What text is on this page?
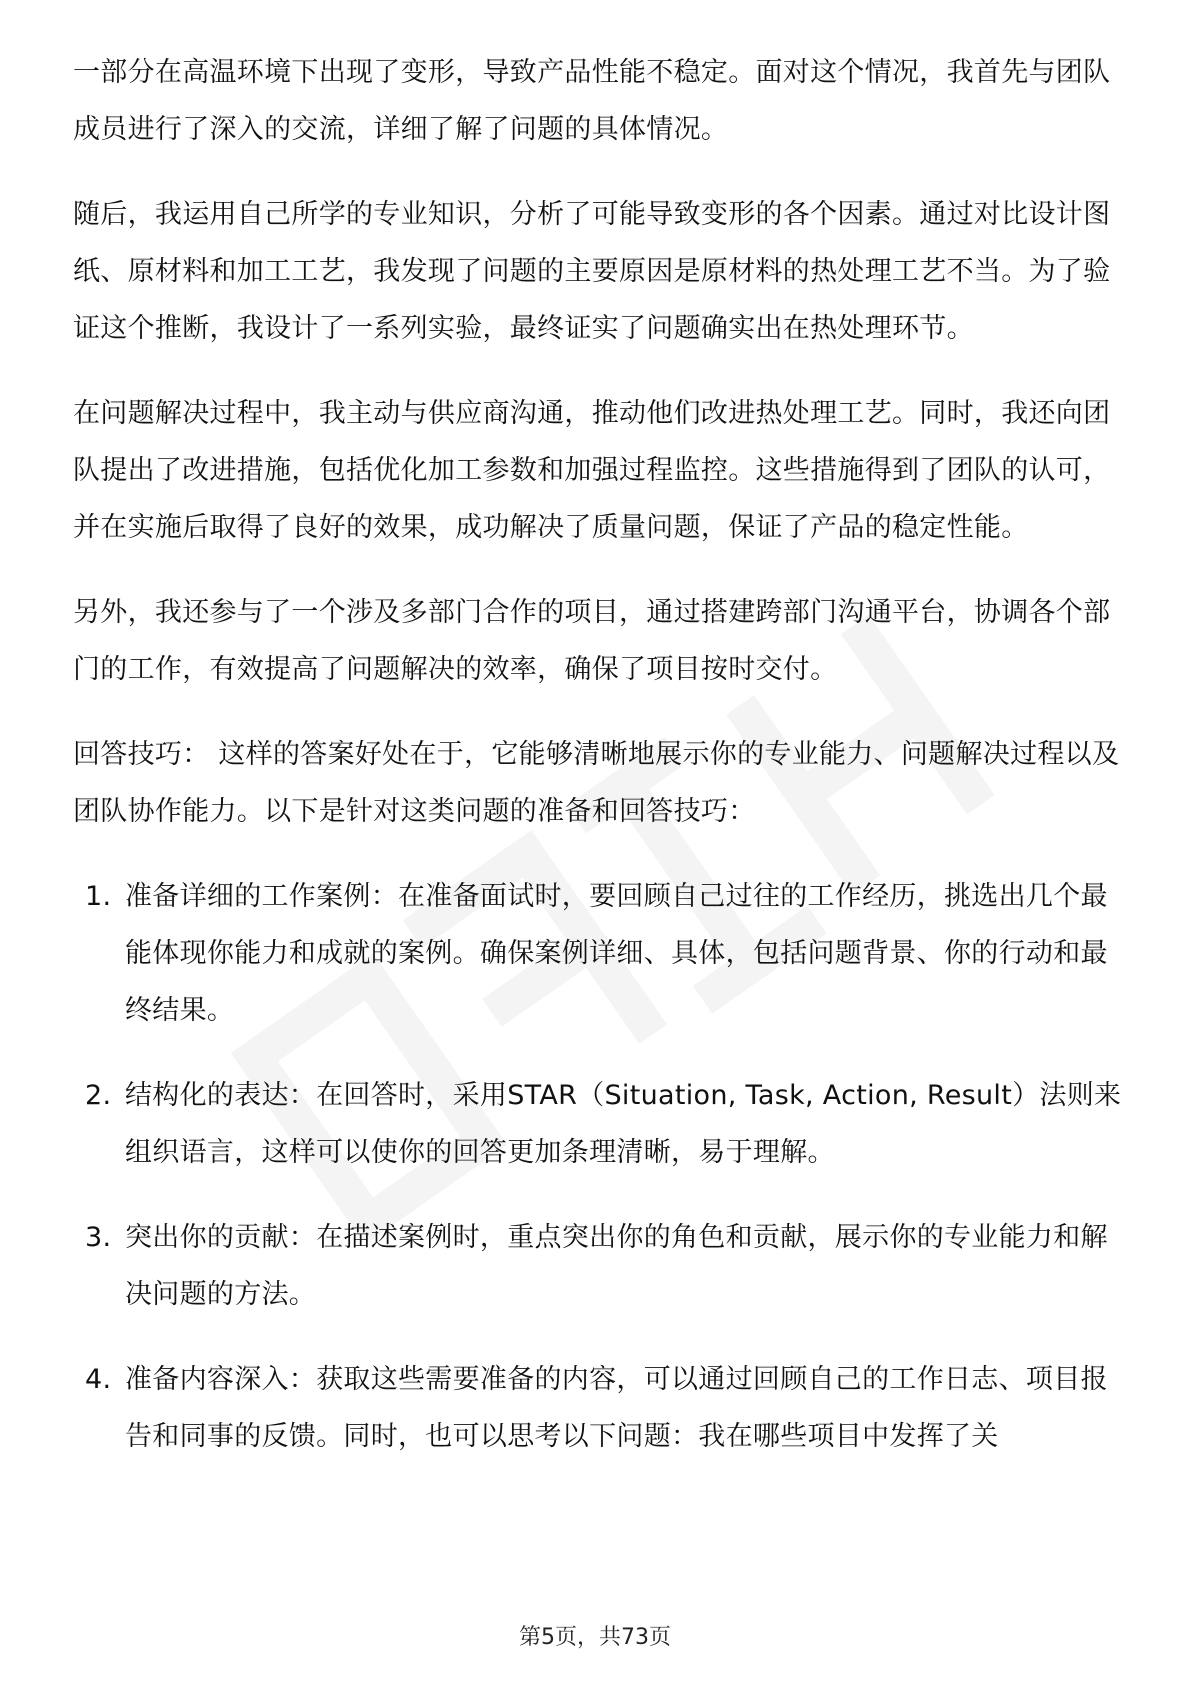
一部分在高温环境下出现了变形，导致产品性能不稳定。面对这个情况，我首先与团队成员进行了深入的交流，详细了解了问题的具体情况。

随后，我运用自己所学的专业知识，分析了可能导致变形的各个因素。通过对比设计图纸、原材料和加工工艺，我发现了问题的主要原因是原材料的热处理工艺不当。为了验证这个推断，我设计了一系列实验，最终证实了问题确实出在热处理环节。

在问题解决过程中，我主动与供应商沟通，推动他们改进热处理工艺。同时，我还向团队提出了改进措施，包括优化加工参数和加强过程监控。这些措施得到了团队的认可，并在实施后取得了良好的效果，成功解决了质量问题，保证了产品的稳定性能。

另外，我还参与了一个涉及多部门合作的项目，通过搭建跨部门沟通平台，协调各个部门的工作，有效提高了问题解决的效率，确保了项目按时交付。

回答技巧： 这样的答案好处在于，它能够清晰地展示你的专业能力、问题解决过程以及团队协作能力。以下是针对这类问题的准备和回答技巧：

1. 准备详细的工作案例：在准备面试时，要回顾自己过往的工作经历，挑选出几个最能体现你能力和成就的案例。确保案例详细、具体，包括问题背景、你的行动和最终结果。
2. 结构化的表达：在回答时，采用STAR（Situation, Task, Action, Result）法则来组织语言，这样可以使你的回答更加条理清晰，易于理解。
3. 突出你的贡献：在描述案例时，重点突出你的角色和贡献，展示你的专业能力和解决问题的方法。
4. 准备内容深入：获取这些需要准备的内容，可以通过回顾自己的工作日志、项目报告和同事的反馈。同时，也可以思考以下问题：我在哪些项目中发挥了关
第5页，共73页
